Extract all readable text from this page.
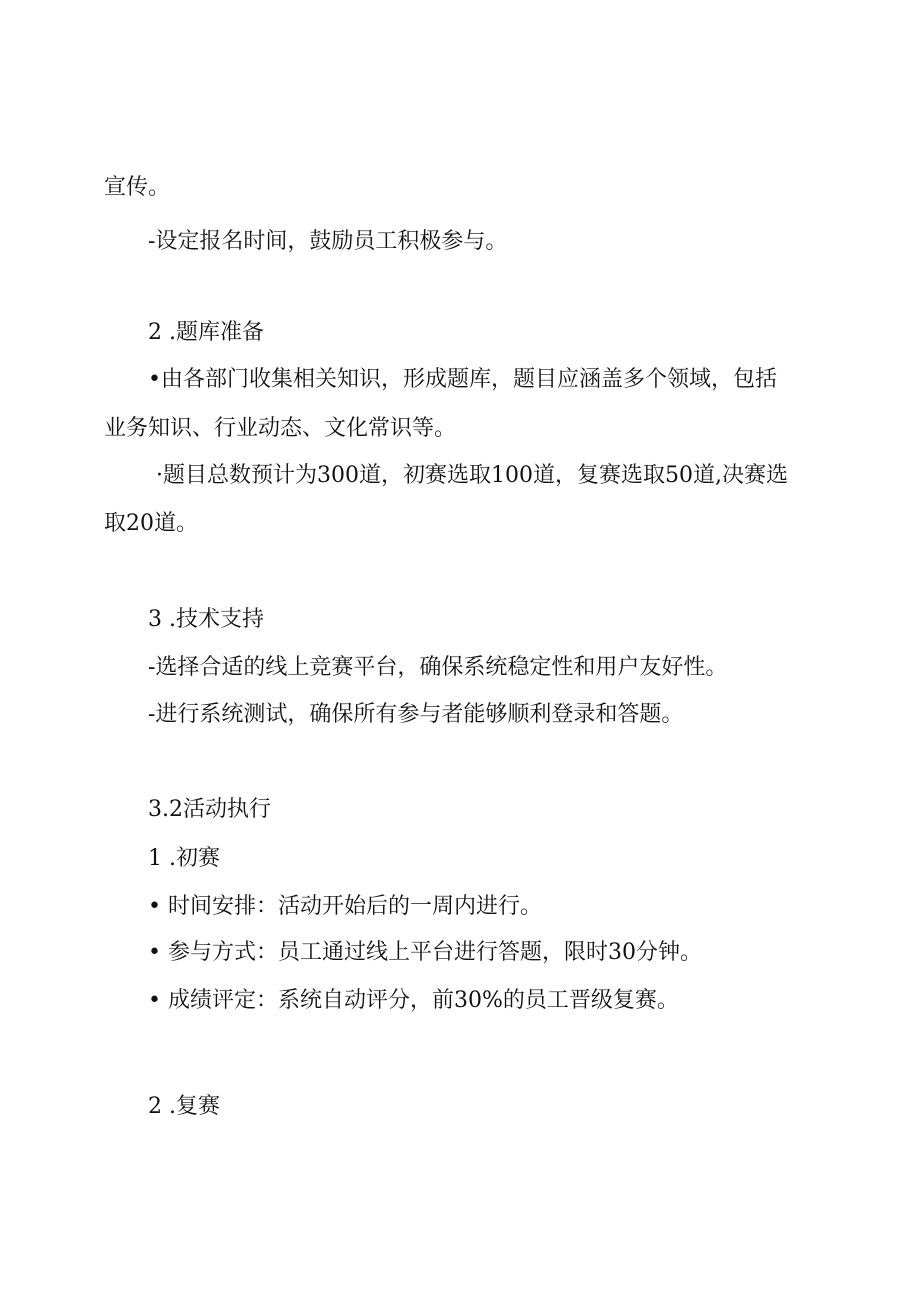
宣传。
-设定报名时间，鼓励员工积极参与。
2 .题库准备
•由各部门收集相关知识，形成题库，题目应涵盖多个领域，包括
业务知识、行业动态、文化常识等。
·题目总数预计为300道，初赛选取100道，复赛选取50道,决赛选
取20道。
3 .技术支持
-选择合适的线上竞赛平台，确保系统稳定性和用户友好性。
-进行系统测试，确保所有参与者能够顺利登录和答题。
3.2活动执行
1 .初赛
• 时间安排：活动开始后的一周内进行。
• 参与方式：员工通过线上平台进行答题，限时30分钟。
• 成绩评定：系统自动评分，前30%的员工晋级复赛。
2 .复赛
